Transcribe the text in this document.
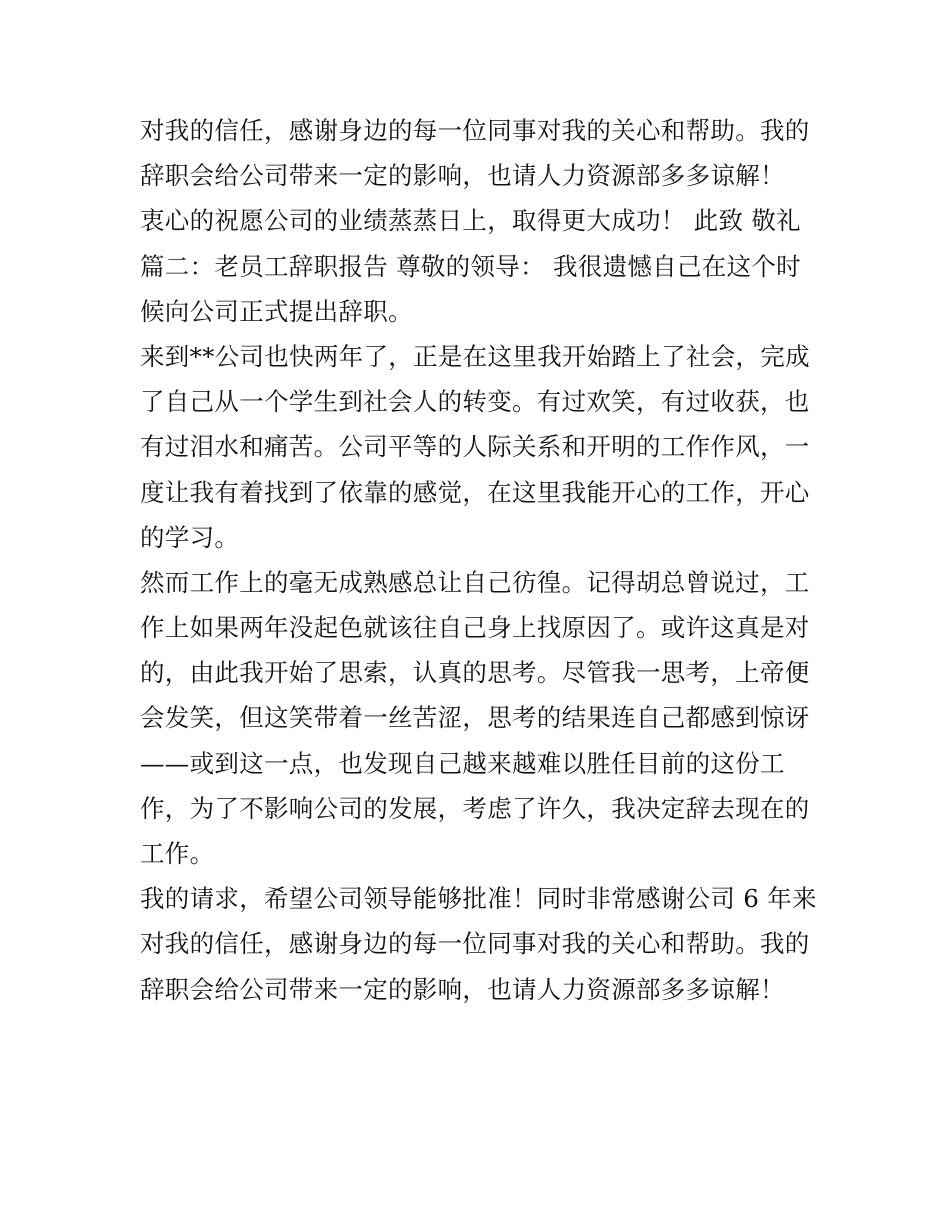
对我的信任，感谢身边的每一位同事对我的关心和帮助。我的
辞职会给公司带来一定的影响，也请人力资源部多多谅解！
衷心的祝愿公司的业绩蒸蒸日上，取得更大成功！ 此致 敬礼
篇二：老员工辞职报告 尊敬的领导： 我很遗憾自己在这个时
候向公司正式提出辞职。
来到**公司也快两年了，正是在这里我开始踏上了社会，完成
了自己从一个学生到社会人的转变。有过欢笑，有过收获，也
有过泪水和痛苦。公司平等的人际关系和开明的工作作风，一
度让我有着找到了依靠的感觉，在这里我能开心的工作，开心
的学习。
然而工作上的毫无成熟感总让自己彷徨。记得胡总曾说过，工
作上如果两年没起色就该往自己身上找原因了。或许这真是对
的，由此我开始了思索，认真的思考。尽管我一思考，上帝便
会发笑，但这笑带着一丝苦涩，思考的结果连自己都感到惊讶
——或到这一点，也发现自己越来越难以胜任目前的这份工
作，为了不影响公司的发展，考虑了许久，我决定辞去现在的
工作。
我的请求，希望公司领导能够批准！同时非常感谢公司 6 年来
对我的信任，感谢身边的每一位同事对我的关心和帮助。我的
辞职会给公司带来一定的影响，也请人力资源部多多谅解！
